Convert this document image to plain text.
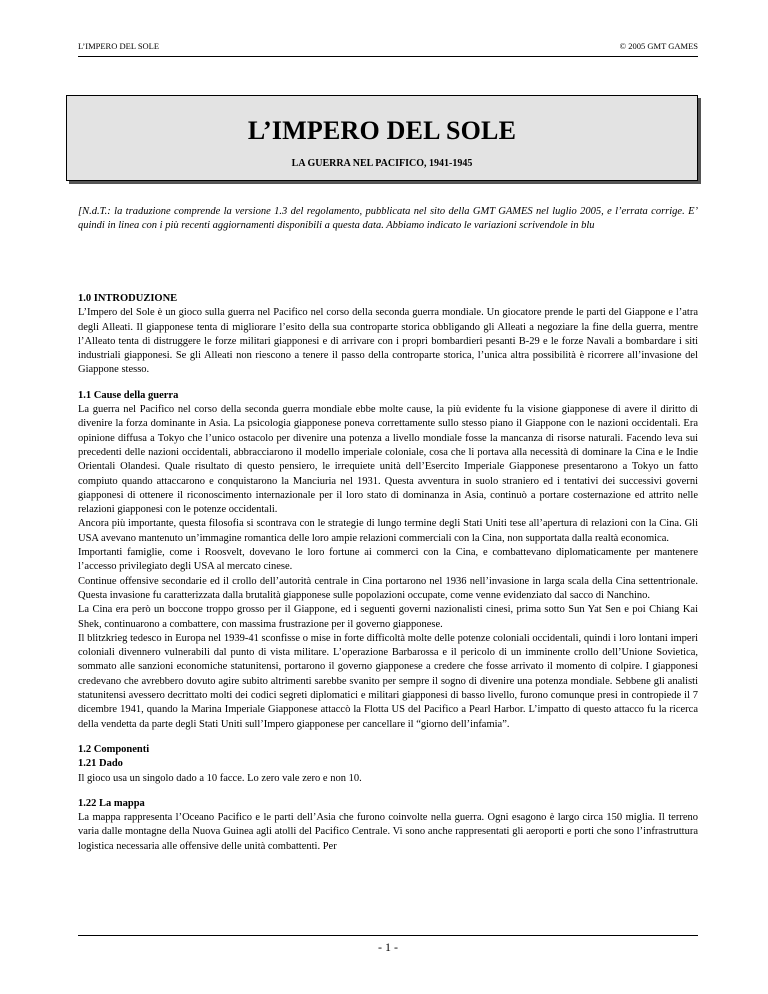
L’IMPERO DEL SOLE	© 2005 GMT GAMES
L’IMPERO DEL SOLE
LA GUERRA NEL PACIFICO, 1941-1945
[N.d.T.: la traduzione comprende la versione 1.3 del regolamento, pubblicata nel sito della GMT GAMES nel luglio 2005, e l’errata corrige. E’ quindi in linea con i più recenti aggiornamenti disponibili a questa data. Abbiamo indicato le variazioni scrivendole in blu
1.0 INTRODUZIONE

L’Impero del Sole è un gioco sulla guerra nel Pacifico nel corso della seconda guerra mondiale. Un giocatore prende le parti del Giappone e l’atra degli Alleati. Il giapponese tenta di migliorare l’esito della sua controparte storica obbligando gli Alleati a negoziare la fine della guerra, mentre l’Alleato tenta di distruggere le forze militari giapponesi e di arrivare con i propri bombardieri pesanti B-29 e le forze Navali a bombardare i siti industriali giapponesi. Se gli Alleati non riescono a tenere il passo della controparte storica, l’unica altra possibilità è ricorrere all’invasione del Giappone stesso.

1.1 Cause della guerra

La guerra nel Pacifico nel corso della seconda guerra mondiale ebbe molte cause, la più evidente fu la visione giapponese di avere il diritto di divenire la forza dominante in Asia. La psicologia giapponese poneva correttamente sullo stesso piano il Giappone con le nazioni occidentali. Era opinione diffusa a Tokyo che l’unico ostacolo per divenire una potenza a livello mondiale fosse la mancanza di risorse naturali. Facendo leva sui precedenti delle nazioni occidentali, abbracciarono il modello imperiale coloniale, cosa che li portava alla necessità di dominare la Cina e le Indie Orientali Olandesi. Quale risultato di questo pensiero, le irrequiete unità dell’Esercito Imperiale Giapponese presentarono a Tokyo un fatto compiuto quando attaccarono e conquistarono la Manciuria nel 1931. Questa avventura in suolo straniero ed i tentativi dei successivi governi giapponesi di ottenere il riconoscimento internazionale per il loro stato di dominanza in Asia, continuò a portare costernazione ed attrito nelle relazioni giapponesi con le potenze occidentali.

Ancora più importante, questa filosofia si scontrava con le strategie di lungo termine degli Stati Uniti tese all’apertura di relazioni con la Cina. Gli USA avevano mantenuto un’immagine romantica delle loro ampie relazioni commerciali con la Cina, non supportata dalla realtà economica.

Importanti famiglie, come i Roosvelt, dovevano le loro fortune ai commerci con la Cina, e combattevano diplomaticamente per mantenere l’accesso privilegiato degli USA al mercato cinese.

Continue offensive secondarie ed il crollo dell’autorità centrale in Cina portarono nel 1936 nell’invasione in larga scala della Cina settentrionale. Questa invasione fu caratterizzata dalla brutalità giapponese sulle popolazioni occupate, come venne evidenziato dal sacco di Nanchino.

La Cina era però un boccone troppo grosso per il Giappone, ed i seguenti governi nazionalisti cinesi, prima sotto Sun Yat Sen e poi Chiang Kai Shek, continuarono a combattere, con massima frustrazione per il governo giapponese.

Il blitzkrieg tedesco in Europa nel 1939-41 sconfisse o mise in forte difficoltà molte delle potenze coloniali occidentali, quindi i loro lontani imperi coloniali divennero vulnerabili dal punto di vista militare. L’operazione Barbarossa e il pericolo di un imminente crollo dell’Unione Sovietica, sommato alle sanzioni economiche statunitensi, portarono il governo giapponese a credere che fosse arrivato il momento di colpire. I giapponesi credevano che avrebbero dovuto agire subito altrimenti sarebbe svanito per sempre il sogno di divenire una potenza mondiale. Sebbene gli analisti statunitensi avessero decrittato molti dei codici segreti diplomatici e militari giapponesi di basso livello, furono comunque presi in contropiede il 7 dicembre 1941, quando la Marina Imperiale Giapponese attaccò la Flotta US del Pacifico a Pearl Harbor. L’impatto di questo attacco fu la ricerca della vendetta da parte degli Stati Uniti sull’Impero giapponese per cancellare il “giorno dell’infamia”.

1.2 Componenti
1.21 Dado

Il gioco usa un singolo dado a 10 facce. Lo zero vale zero e non 10.

1.22 La mappa

La mappa rappresenta l’Oceano Pacifico e le parti dell’Asia che furono coinvolte nella guerra. Ogni esagono è largo circa 150 miglia. Il terreno varia dalle montagne della Nuova Guinea agli atolli del Pacifico Centrale. Vi sono anche rappresentati gli aeroporti e porti che sono l’infrastruttura logistica necessaria alle offensive delle unità combattenti. Per

- 1 -
